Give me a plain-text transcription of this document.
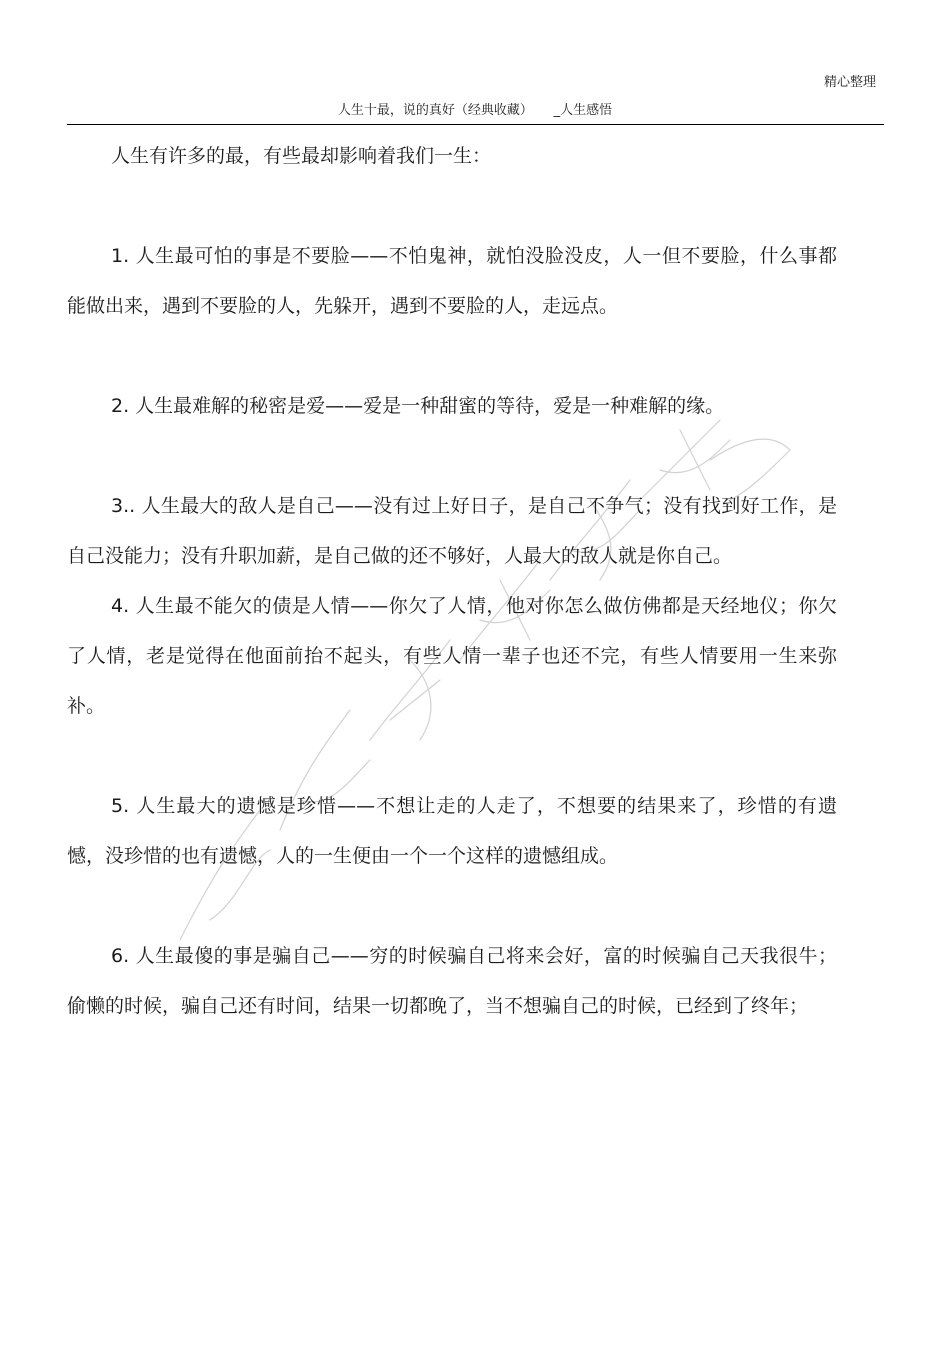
精心整理
人生十最，说的真好（经典收藏）     _人生感悟

人生有许多的最，有些最却影响着我们一生：

1. 人生最可怕的事是不要脸——不怕鬼神，就怕没脸没皮，人一但不要脸，什么事都能做出来，遇到不要脸的人，先躲开，遇到不要脸的人，走远点。

2. 人生最难解的秘密是爱——爱是一种甜蜜的等待，爱是一种难解的缘。

3.. 人生最大的敌人是自己——没有过上好日子，是自己不争气；没有找到好工作，是自己没能力；没有升职加薪，是自己做的还不够好，人最大的敌人就是你自己。

4. 人生最不能欠的债是人情——你欠了人情，他对你怎么做仿佛都是天经地仪；你欠了人情，老是觉得在他面前抬不起头，有些人情一辈子也还不完，有些人情要用一生来弥补。

5. 人生最大的遗憾是珍惜——不想让走的人走了，不想要的结果来了，珍惜的有遗憾，没珍惜的也有遗憾，人的一生便由一个一个这样的遗憾组成。

6. 人生最傻的事是骗自己——穷的时候骗自己将来会好，富的时候骗自己天我很牛；偷懒的时候，骗自己还有时间，结果一切都晚了，当不想骗自己的时候，已经到了终年；
